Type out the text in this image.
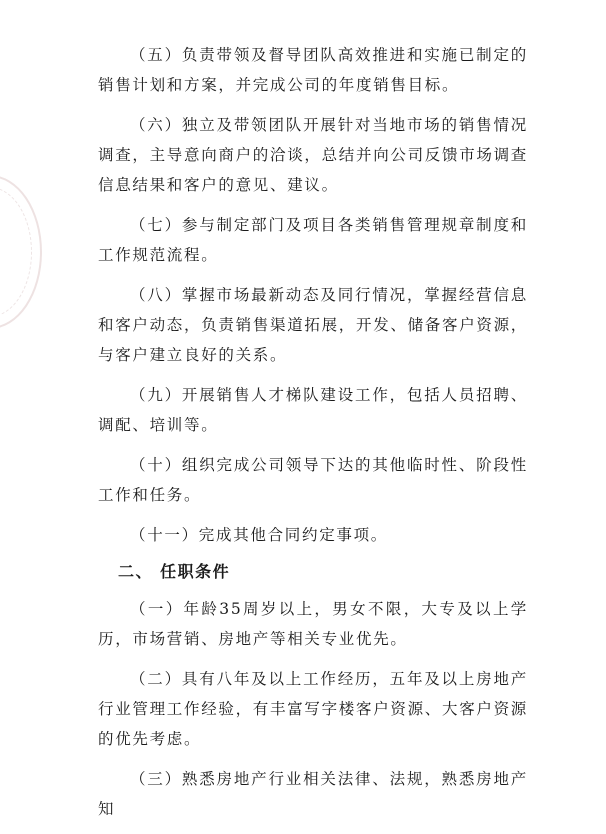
（五）负责带领及督导团队高效推进和实施已制定的销售计划和方案，并完成公司的年度销售目标。

（六）独立及带领团队开展针对当地市场的销售情况调查，主导意向商户的洽谈，总结并向公司反馈市场调查信息结果和客户的意见、建议。

（七）参与制定部门及项目各类销售管理规章制度和工作规范流程。

（八）掌握市场最新动态及同行情况，掌握经营信息和客户动态，负责销售渠道拓展，开发、储备客户资源，与客户建立良好的关系。

（九）开展销售人才梯队建设工作，包括人员招聘、调配、培训等。

（十）组织完成公司领导下达的其他临时性、阶段性工作和任务。

（十一）完成其他合同约定事项。

二、 任职条件

（一）年龄35周岁以上，男女不限，大专及以上学历，市场营销、房地产等相关专业优先。

（二）具有八年及以上工作经历，五年及以上房地产行业管理工作经验，有丰富写字楼客户资源、大客户资源的优先考虑。

（三）熟悉房地产行业相关法律、法规，熟悉房地产知
